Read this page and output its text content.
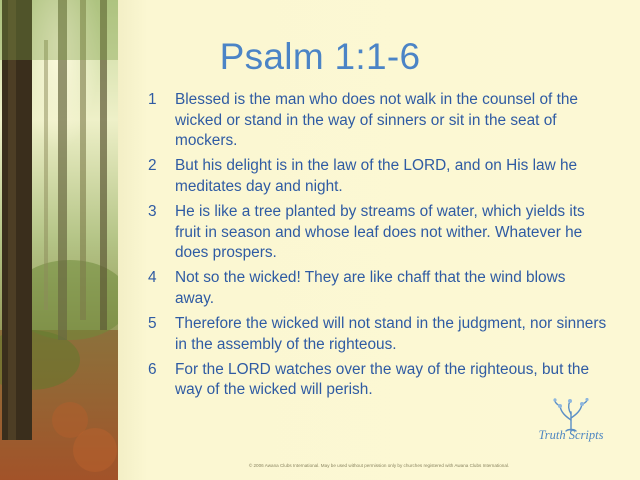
Psalm 1:1-6
1	Blessed is the man who does not walk in the counsel of the wicked or stand in the way of sinners or sit in the seat of mockers.
2	But his delight is in the law of the LORD, and on His law he meditates day and night.
3	He is like a tree planted by streams of water, which yields its fruit in season and whose leaf does not wither. Whatever he does prospers.
4	Not so the wicked! They are like chaff that the wind blows away.
5	Therefore the wicked will not stand in the judgment, nor sinners in the assembly of the righteous.
6	For the LORD watches over the way of the righteous, but the way of the wicked will perish.
Truth Scripts
© 2006 Awana Clubs International. May be used without permission only by churches registered with Awana Clubs International.
